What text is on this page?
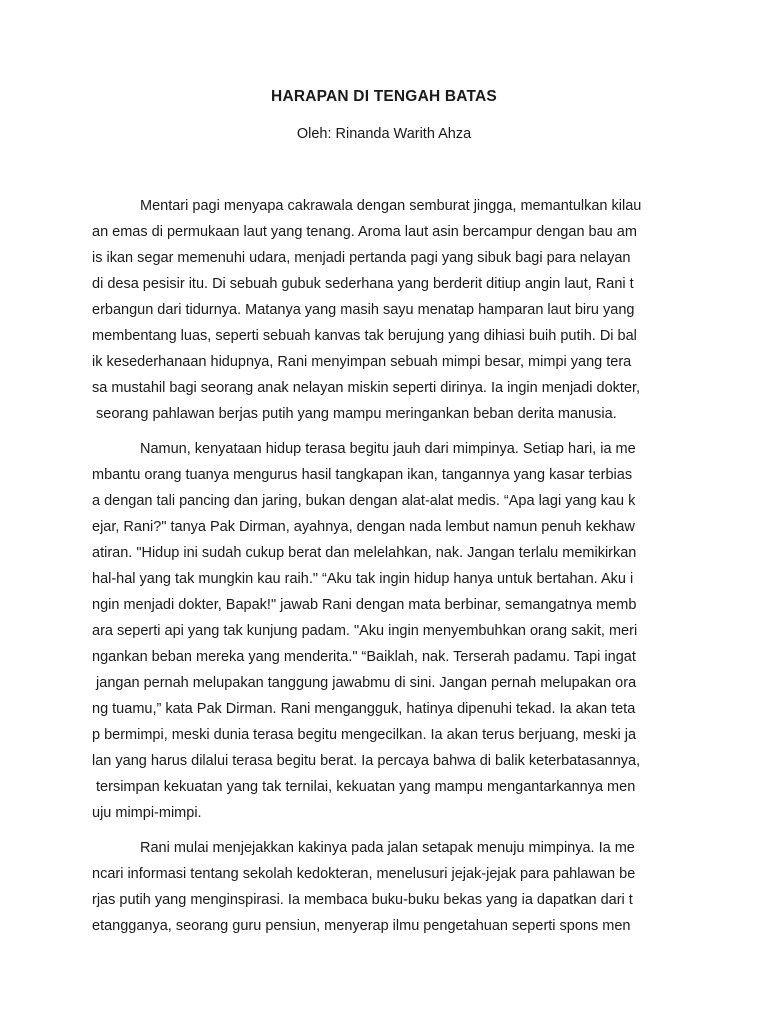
HARAPAN DI TENGAH BATAS
Oleh: Rinanda Warith Ahza
Mentari pagi menyapa cakrawala dengan semburat jingga, memantulkan kilau
an emas di permukaan laut yang tenang. Aroma laut asin bercampur dengan bau am
is ikan segar memenuhi udara, menjadi pertanda pagi yang sibuk bagi para nelayan
di desa pesisir itu. Di sebuah gubuk sederhana yang berderit ditiup angin laut, Rani t
erbangun dari tidurnya. Matanya yang masih sayu menatap hamparan laut biru yang
membentang luas, seperti sebuah kanvas tak berujung yang dihiasi buih putih. Di bal
ik kesederhanaan hidupnya, Rani menyimpan sebuah mimpi besar, mimpi yang tera
sa mustahil bagi seorang anak nelayan miskin seperti dirinya. Ia ingin menjadi dokter,
seorang pahlawan berjas putih yang mampu meringankan beban derita manusia.
Namun, kenyataan hidup terasa begitu jauh dari mimpinya. Setiap hari, ia me
mbantu orang tuanya mengurus hasil tangkapan ikan, tangannya yang kasar terbias
a dengan tali pancing dan jaring, bukan dengan alat-alat medis. “Apa lagi yang kau k
ejar, Rani?" tanya Pak Dirman, ayahnya, dengan nada lembut namun penuh kekhaw
atiran. "Hidup ini sudah cukup berat dan melelahkan, nak. Jangan terlalu memikirkan
hal-hal yang tak mungkin kau raih." “Aku tak ingin hidup hanya untuk bertahan. Aku i
ngin menjadi dokter, Bapak!" jawab Rani dengan mata berbinar, semangatnya memb
ara seperti api yang tak kunjung padam. "Aku ingin menyembuhkan orang sakit, meri
ngankan beban mereka yang menderita." “Baiklah, nak. Terserah padamu. Tapi ingat
jangan pernah melupakan tanggung jawabmu di sini. Jangan pernah melupakan ora
ng tuamu,” kata Pak Dirman. Rani mengangguk, hatinya dipenuhi tekad. Ia akan teta
p bermimpi, meski dunia terasa begitu mengecilkan. Ia akan terus berjuang, meski ja
lan yang harus dilalui terasa begitu berat. Ia percaya bahwa di balik keterbatasannya,
tersimpan kekuatan yang tak ternilai, kekuatan yang mampu mengantarkannya men
uju mimpi-mimpi.
Rani mulai menjejakkan kakinya pada jalan setapak menuju mimpinya. Ia me
ncari informasi tentang sekolah kedokteran, menelusuri jejak-jejak para pahlawan be
rjas putih yang menginspirasi. Ia membaca buku-buku bekas yang ia dapatkan dari t
etangganya, seorang guru pensiun, menyerap ilmu pengetahuan seperti spons men
